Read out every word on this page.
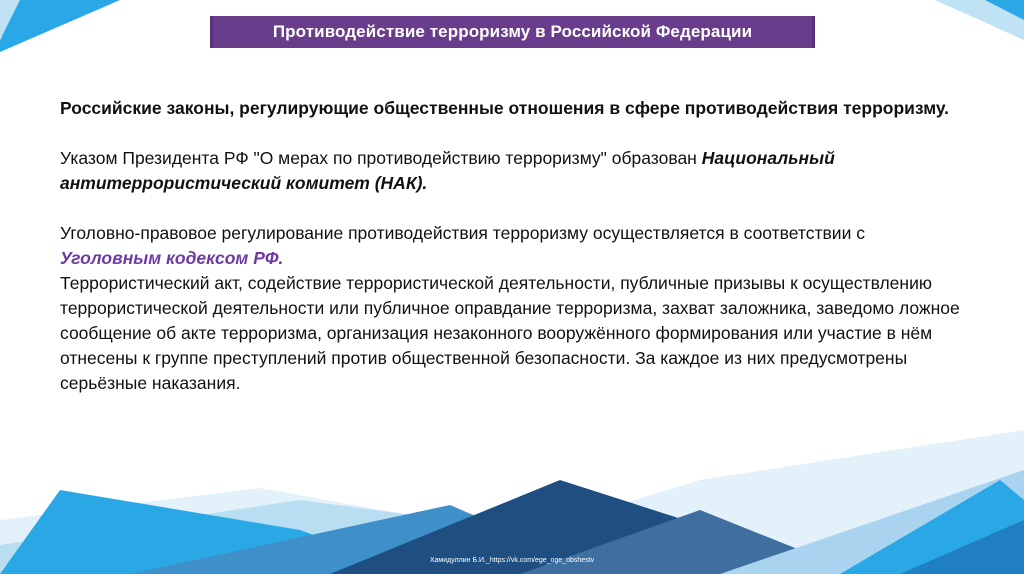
Противодействие терроризму в Российской Федерации

Российские законы, регулирующие общественные отношения в сфере противодействия терроризму.

Указом Президента РФ "О мерах по противодействию терроризму" образован Национальный антитеррористический комитет (НАК).

Уголовно-правовое регулирование противодействия терроризму осуществляется в соответствии с Уголовным кодексом РФ.

Террористический акт, содействие террористической деятельности, публичные призывы к осуществлению террористической деятельности или публичное оправдание терроризма, захват заложника, заведомо ложное сообщение об акте терроризма, организация незаконного вооружённого формирования или участие в нём отнесены к группе преступлений против общественной безопасности. За каждое из них предусмотрены серьёзные наказания.

Хамидуллин Б.И._https://vk.com/ege_oge_obshestv
